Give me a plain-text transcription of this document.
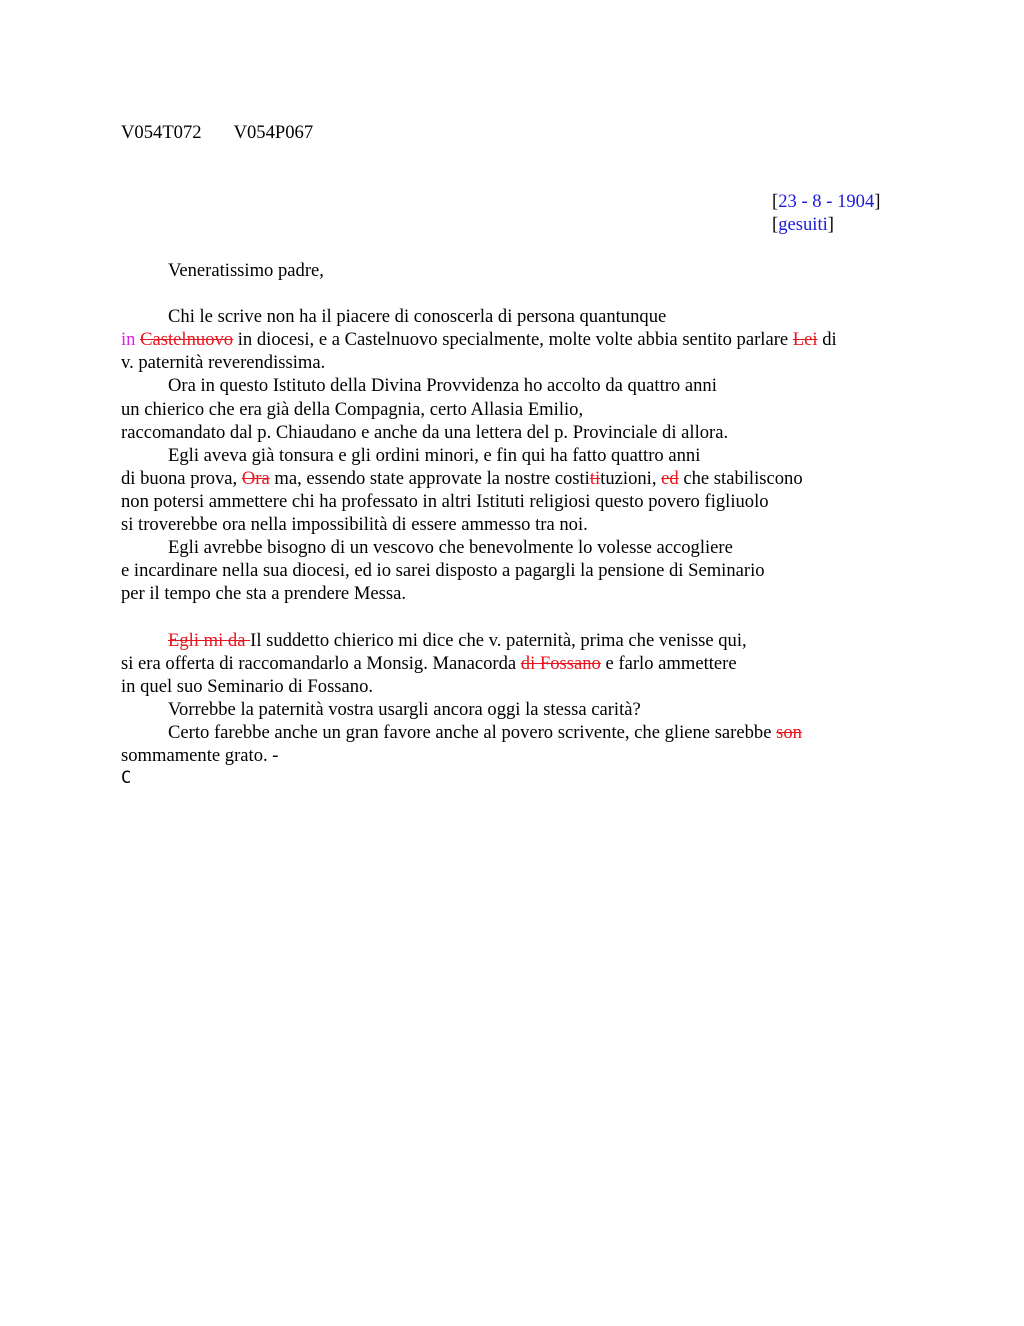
V054T072 V054P067
[23 - 8 - 1904]
[gesuiti]
Veneratissimo padre,
Chi le scrive non ha il piacere di conoscerla di persona quantunque
in Castelnuovo in diocesi, e a Castelnuovo specialmente, molte volte abbia sentito parlare Lei di
v. paternità reverendissima.
Ora in questo Istituto della Divina Provvidenza ho accolto da quattro anni
un chierico che era già della Compagnia, certo Allasia Emilio,
raccomandato dal p. Chiaudano e anche da una lettera del p. Provinciale di allora.
Egli aveva già tonsura e gli ordini minori, e fin qui ha fatto quattro anni
di buona prova, Ora ma, essendo state approvate la nostre costitituzioni, ed che stabiliscono
non potersi ammettere chi ha professato in altri Istituti religiosi questo povero figliuolo
si troverebbe ora nella impossibilità di essere ammesso tra noi.
Egli avrebbe bisogno di un vescovo che benevolmente lo volesse accogliere
e incardinare nella sua diocesi, ed io sarei disposto a pagargli la pensione di Seminario
per il tempo che sta a prendere Messa.
Egli mi da Il suddetto chierico mi dice che v. paternità, prima che venisse qui,
si era offerta di raccomandarlo a Monsig. Manacorda di Fossano e farlo ammettere
in quel suo Seminario di Fossano.
Vorrebbe la paternità vostra usargli ancora oggi la stessa carità?
Certo farebbe anche un gran favore anche al povero scrivente, che gliene sarebbe son
sommamente grato. -
C
